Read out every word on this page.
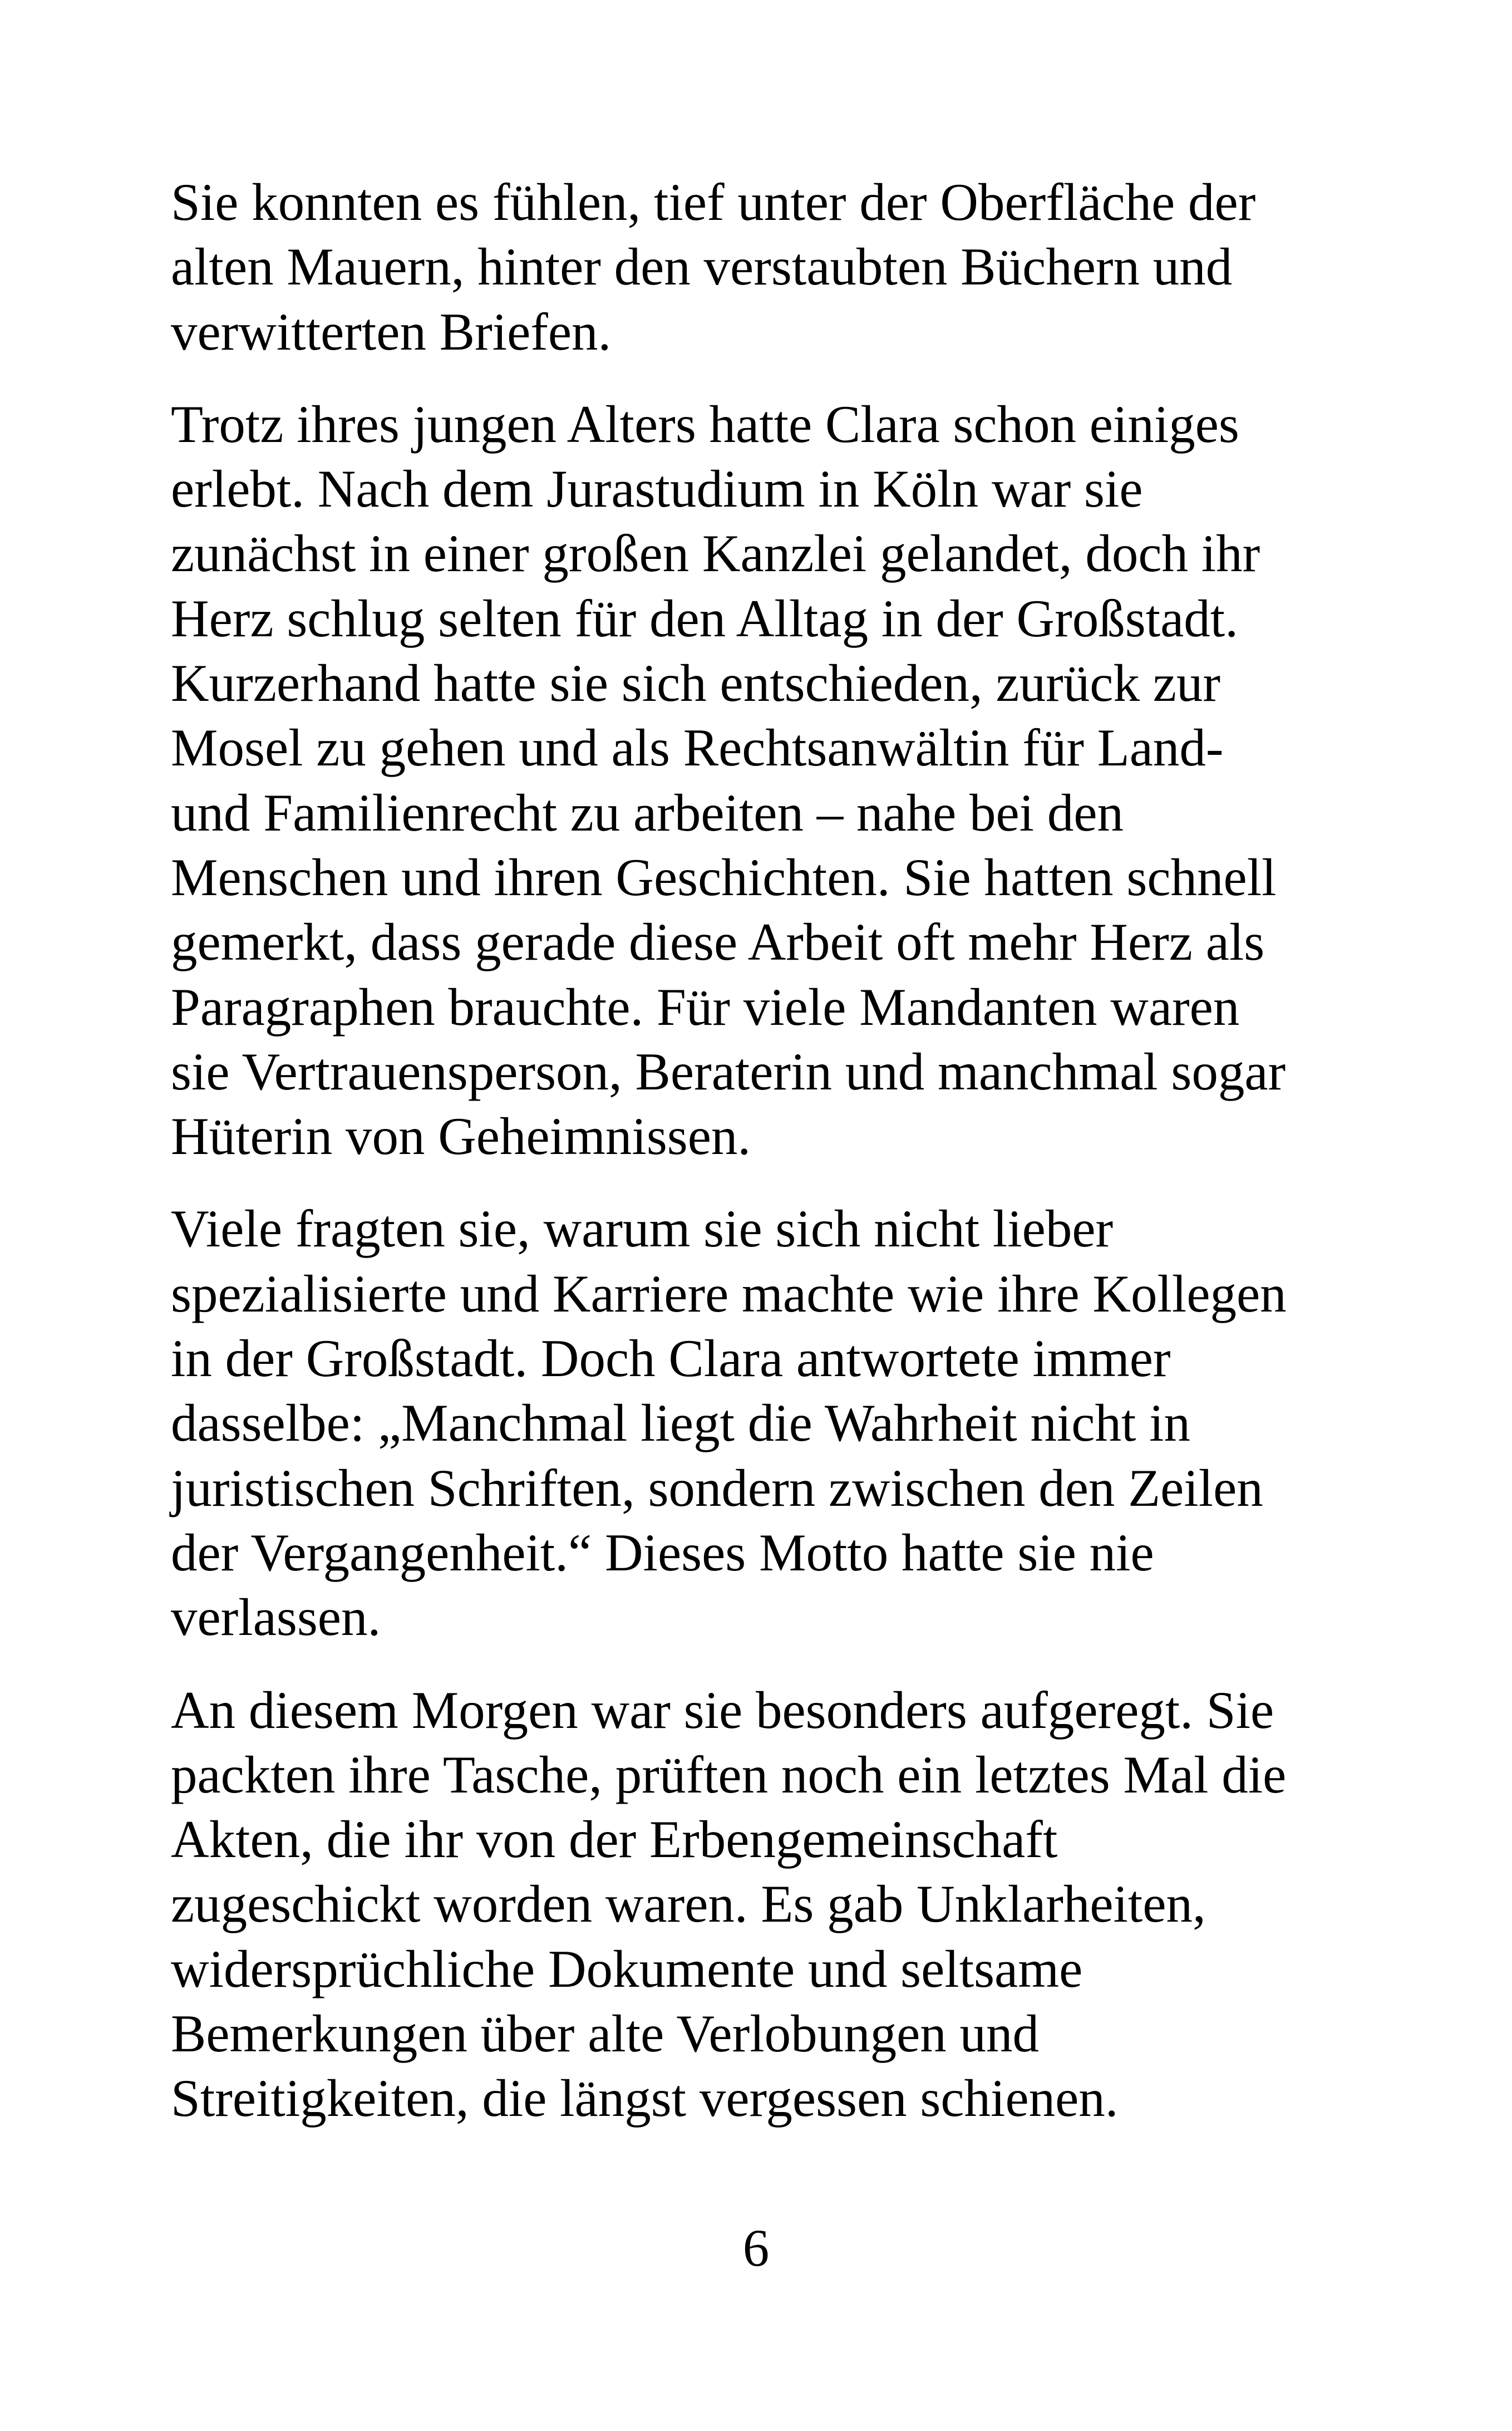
Sie konnten es fühlen, tief unter der Oberfläche der
alten Mauern, hinter den verstaubten Büchern und
verwitterten Briefen.

Trotz ihres jungen Alters hatte Clara schon einiges
erlebt. Nach dem Jurastudium in Köln war sie
zunächst in einer großen Kanzlei gelandet, doch ihr
Herz schlug selten für den Alltag in der Großstadt.
Kurzerhand hatte sie sich entschieden, zurück zur
Mosel zu gehen und als Rechtsanwältin für Land-
und Familienrecht zu arbeiten – nahe bei den
Menschen und ihren Geschichten. Sie hatten schnell
gemerkt, dass gerade diese Arbeit oft mehr Herz als
Paragraphen brauchte. Für viele Mandanten waren
sie Vertrauensperson, Beraterin und manchmal sogar
Hüterin von Geheimnissen.

Viele fragten sie, warum sie sich nicht lieber
spezialisierte und Karriere machte wie ihre Kollegen
in der Großstadt. Doch Clara antwortete immer
dasselbe: „Manchmal liegt die Wahrheit nicht in
juristischen Schriften, sondern zwischen den Zeilen
der Vergangenheit.“ Dieses Motto hatte sie nie
verlassen.

An diesem Morgen war sie besonders aufgeregt. Sie
packten ihre Tasche, prüften noch ein letztes Mal die
Akten, die ihr von der Erbengemeinschaft
zugeschickt worden waren. Es gab Unklarheiten,
widersprüchliche Dokumente und seltsame
Bemerkungen über alte Verlobungen und
Streitigkeiten, die längst vergessen schienen.

6
